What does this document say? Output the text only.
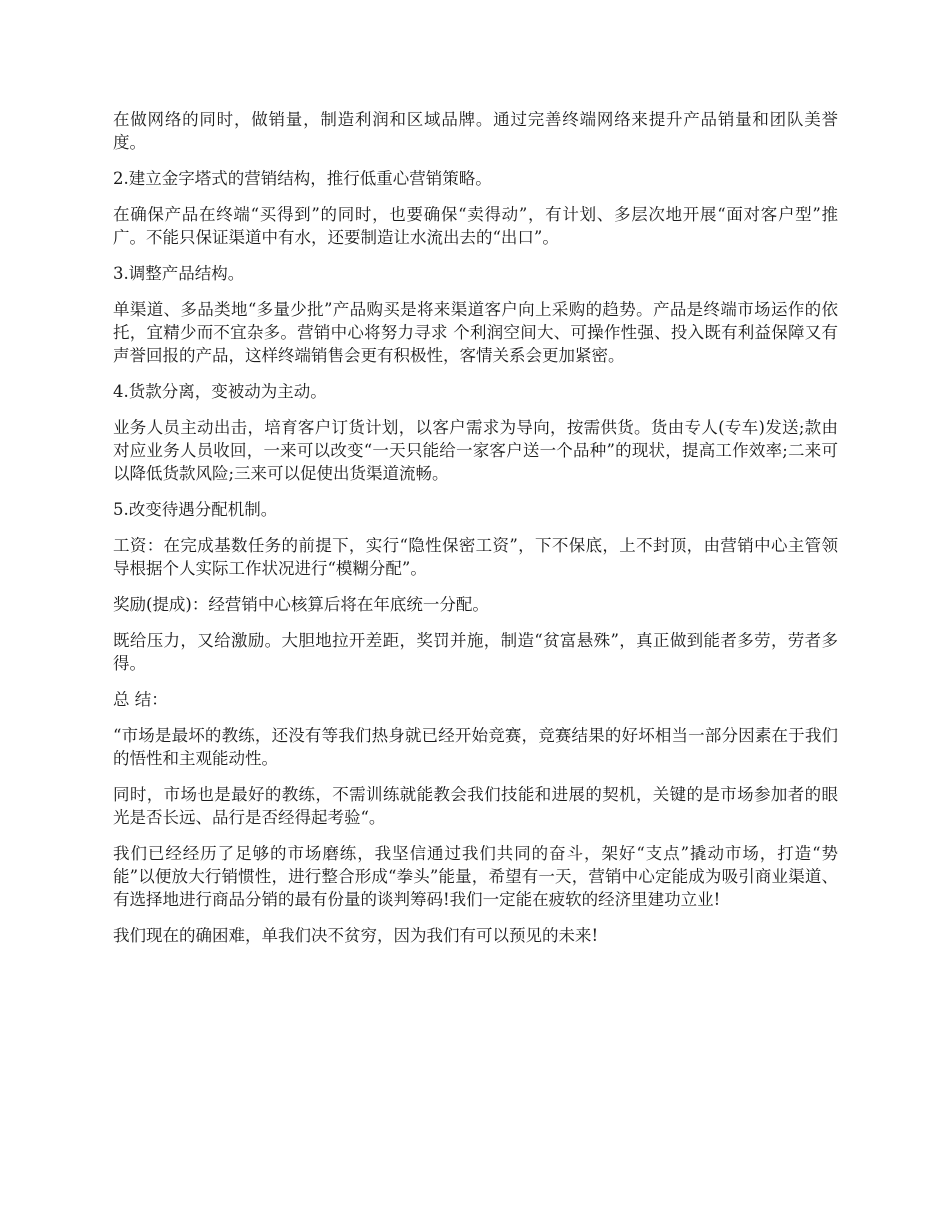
在做网络的同时，做销量，制造利润和区域品牌。通过完善终端网络来提升产品销量和团队美誉度。

2.建立金字塔式的营销结构，推行低重心营销策略。

在确保产品在终端“买得到”的同时，也要确保“卖得动”，有计划、多层次地开展“面对客户型”推广。不能只保证渠道中有水，还要制造让水流出去的“出口”。

3.调整产品结构。

单渠道、多品类地“多量少批”产品购买是将来渠道客户向上采购的趋势。产品是终端市场运作的依托，宜精少而不宜杂多。营销中心将努力寻求 个利润空间大、可操作性强、投入既有利益保障又有声誉回报的产品，这样终端销售会更有积极性，客情关系会更加紧密。

4.货款分离，变被动为主动。

业务人员主动出击，培育客户订货计划，以客户需求为导向，按需供货。货由专人(专车)发送;款由对应业务人员收回，一来可以改变“一天只能给一家客户送一个品种”的现状，提高工作效率;二来可以降低货款风险;三来可以促使出货渠道流畅。

5.改变待遇分配机制。

工资：在完成基数任务的前提下，实行“隐性保密工资”，下不保底，上不封顶，由营销中心主管领导根据个人实际工作状况进行“模糊分配”。

奖励(提成)：经营销中心核算后将在年底统一分配。

既给压力，又给激励。大胆地拉开差距，奖罚并施，制造“贫富悬殊”，真正做到能者多劳，劳者多得。

总 结：

“市场是最坏的教练，还没有等我们热身就已经开始竞赛，竞赛结果的好坏相当一部分因素在于我们的悟性和主观能动性。

同时，市场也是最好的教练，不需训练就能教会我们技能和进展的契机，关键的是市场参加者的眼光是否长远、品行是否经得起考验“。

我们已经经历了足够的市场磨练，我坚信通过我们共同的奋斗，架好“支点”撬动市场，打造“势能”以便放大行销惯性，进行整合形成“拳头”能量，希望有一天，营销中心定能成为吸引商业渠道、有选择地进行商品分销的最有份量的谈判筹码!我们一定能在疲软的经济里建功立业!

我们现在的确困难，单我们决不贫穷，因为我们有可以预见的未来!
